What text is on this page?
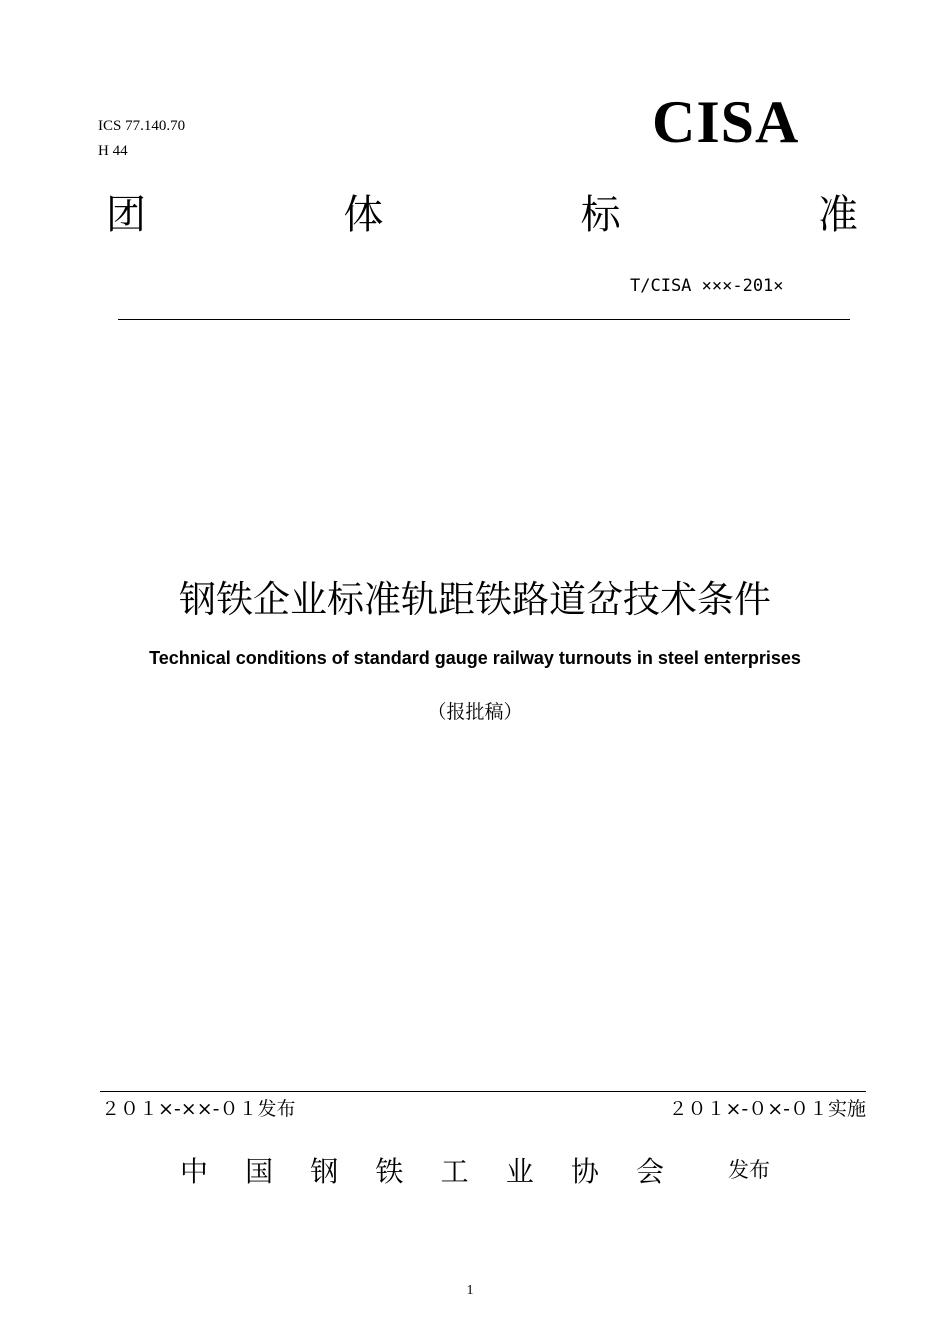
ICS 77.140.70
H 44	CISA
团	体	标	准
T/CISA ×××-201×
钢铁企业标准轨距铁路道岔技术条件
Technical conditions of standard gauge railway turnouts in steel enterprises
（报批稿）
２０１×-××-０１发布	２０１×-０×-０１实施
中 国 钢 铁 工 业 协 会	发布
1
